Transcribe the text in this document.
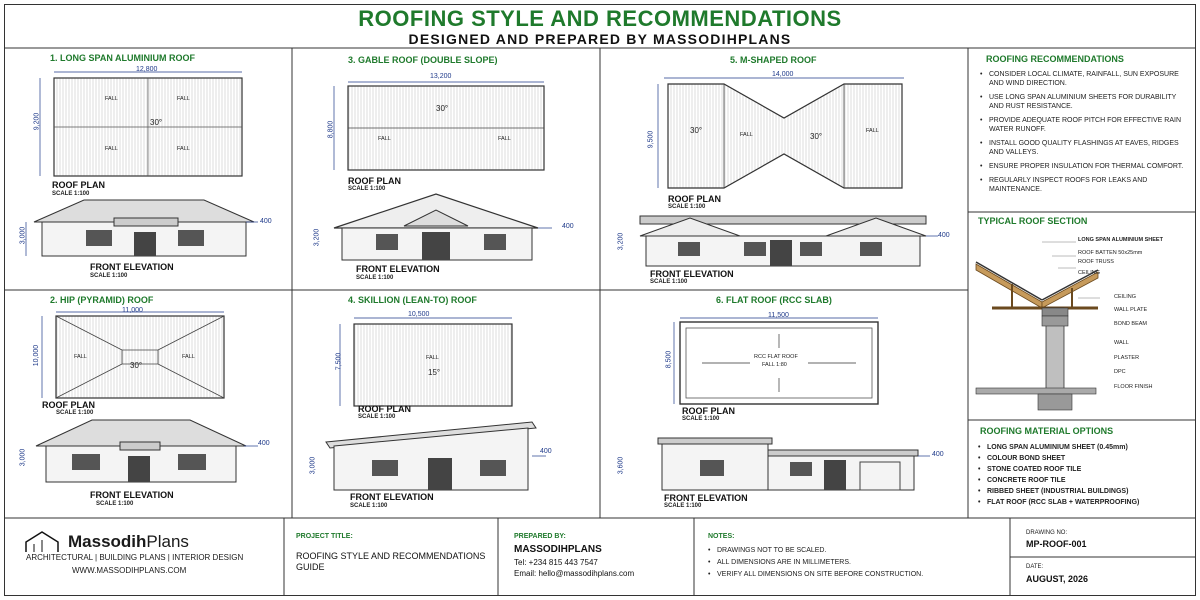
ROOFING STYLE AND RECOMMENDATIONS
DESIGNED AND PREPARED BY MASSODIHPLANS
1. LONG SPAN ALUMINIUM ROOF
12,800
9,200
FALL	FALL
FALL	FALL
30°
ROOF PLAN
SCALE 1:100
400
3,000
FRONT ELEVATION
SCALE 1:100
2. HIP (PYRAMID) ROOF
11,000
10,000	FALL	FALL
30°
ROOF PLAN
SCALE 1:100
400
3,000
FRONT ELEVATION
SCALE 1:100
3. GABLE ROOF (DOUBLE SLOPE)
13,200
8,800
30°
FALL	FALL
ROOF PLAN
SCALE 1:100
400
3,200
FRONT ELEVATION
SCALE 1:100
4. SKILLION (LEAN-TO) ROOF
10,500
7,500	FALL
15°
ROOF PLAN
SCALE 1:100
400
3,000
FRONT ELEVATION
SCALE 1:100
5. M-SHAPED ROOF
14,000
9,500
30°
30°
FALL
FALL
ROOF PLAN
SCALE 1:100
400
3,200
FRONT ELEVATION
SCALE 1:100
6. FLAT ROOF (RCC SLAB)
11,500
8,500	RCC FLAT ROOF
FALL 1:80
ROOF PLAN
SCALE 1:100
400
3,600
FRONT ELEVATION
SCALE 1:100
ROOFING RECOMMENDATIONS
• CONSIDER LOCAL CLIMATE, RAINFALL, SUN EXPOSURE AND WIND DIRECTION.
• USE LONG SPAN ALUMINIUM SHEETS FOR DURABILITY AND RUST RESISTANCE.
• PROVIDE ADEQUATE ROOF PITCH FOR EFFECTIVE RAIN WATER RUNOFF.
• INSTALL GOOD QUALITY FLASHINGS AT EAVES, RIDGES AND VALLEYS.
• ENSURE PROPER INSULATION FOR THERMAL COMFORT.
• REGULARLY INSPECT ROOFS FOR LEAKS AND MAINTENANCE.
TYPICAL ROOF SECTION
LONG SPAN ALUMINIUM SHEET
ROOF BATTEN 50x25mm
ROOF TRUSS
CEILING
CEILING
WALL PLATE
BOND BEAM
WALL
PLASTER
DPC
FLOOR FINISH
ROOFING MATERIAL OPTIONS
• LONG SPAN ALUMINIUM SHEET (0.45mm)
• COLOUR BOND SHEET
• STONE COATED ROOF TILE
• CONCRETE ROOF TILE
• RIBBED SHEET (INDUSTRIAL BUILDINGS)
• FLAT ROOF (RCC SLAB + WATERPROOFING)
MassodihPlans
ARCHITECTURAL | BUILDING PLANS | INTERIOR DESIGN
WWW.MASSODIHPLANS.COM
PROJECT TITLE:
ROOFING STYLE AND RECOMMENDATIONS GUIDE
PREPARED BY:
MASSODIHPLANS
Tel: +234 815 443 7547
Email: hello@massodihplans.com
NOTES:
• DRAWINGS NOT TO BE SCALED.
• ALL DIMENSIONS ARE IN MILLIMETERS.
• VERIFY ALL DIMENSIONS ON SITE BEFORE CONSTRUCTION.
DRAWING NO:
MP-ROOF-001
DATE:
AUGUST, 2026
